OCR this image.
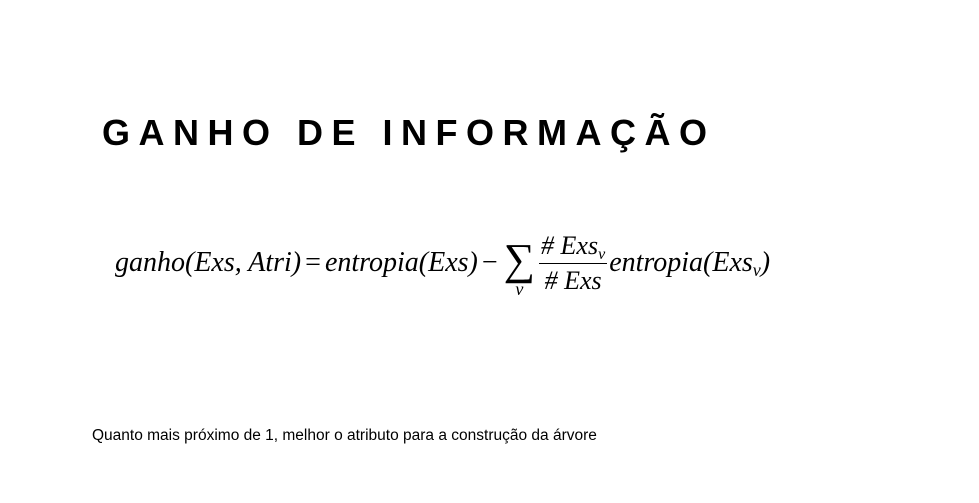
GANHO DE INFORMAÇÃO
ganho(Exs, Atri) = entropia(Exs) − ∑
v $\frac{\# Exs_v}{\text{\# Exs}}$ entropia(Exs$_v$)

Quanto mais próximo de 1, melhor o atributo para a construção da árvore
